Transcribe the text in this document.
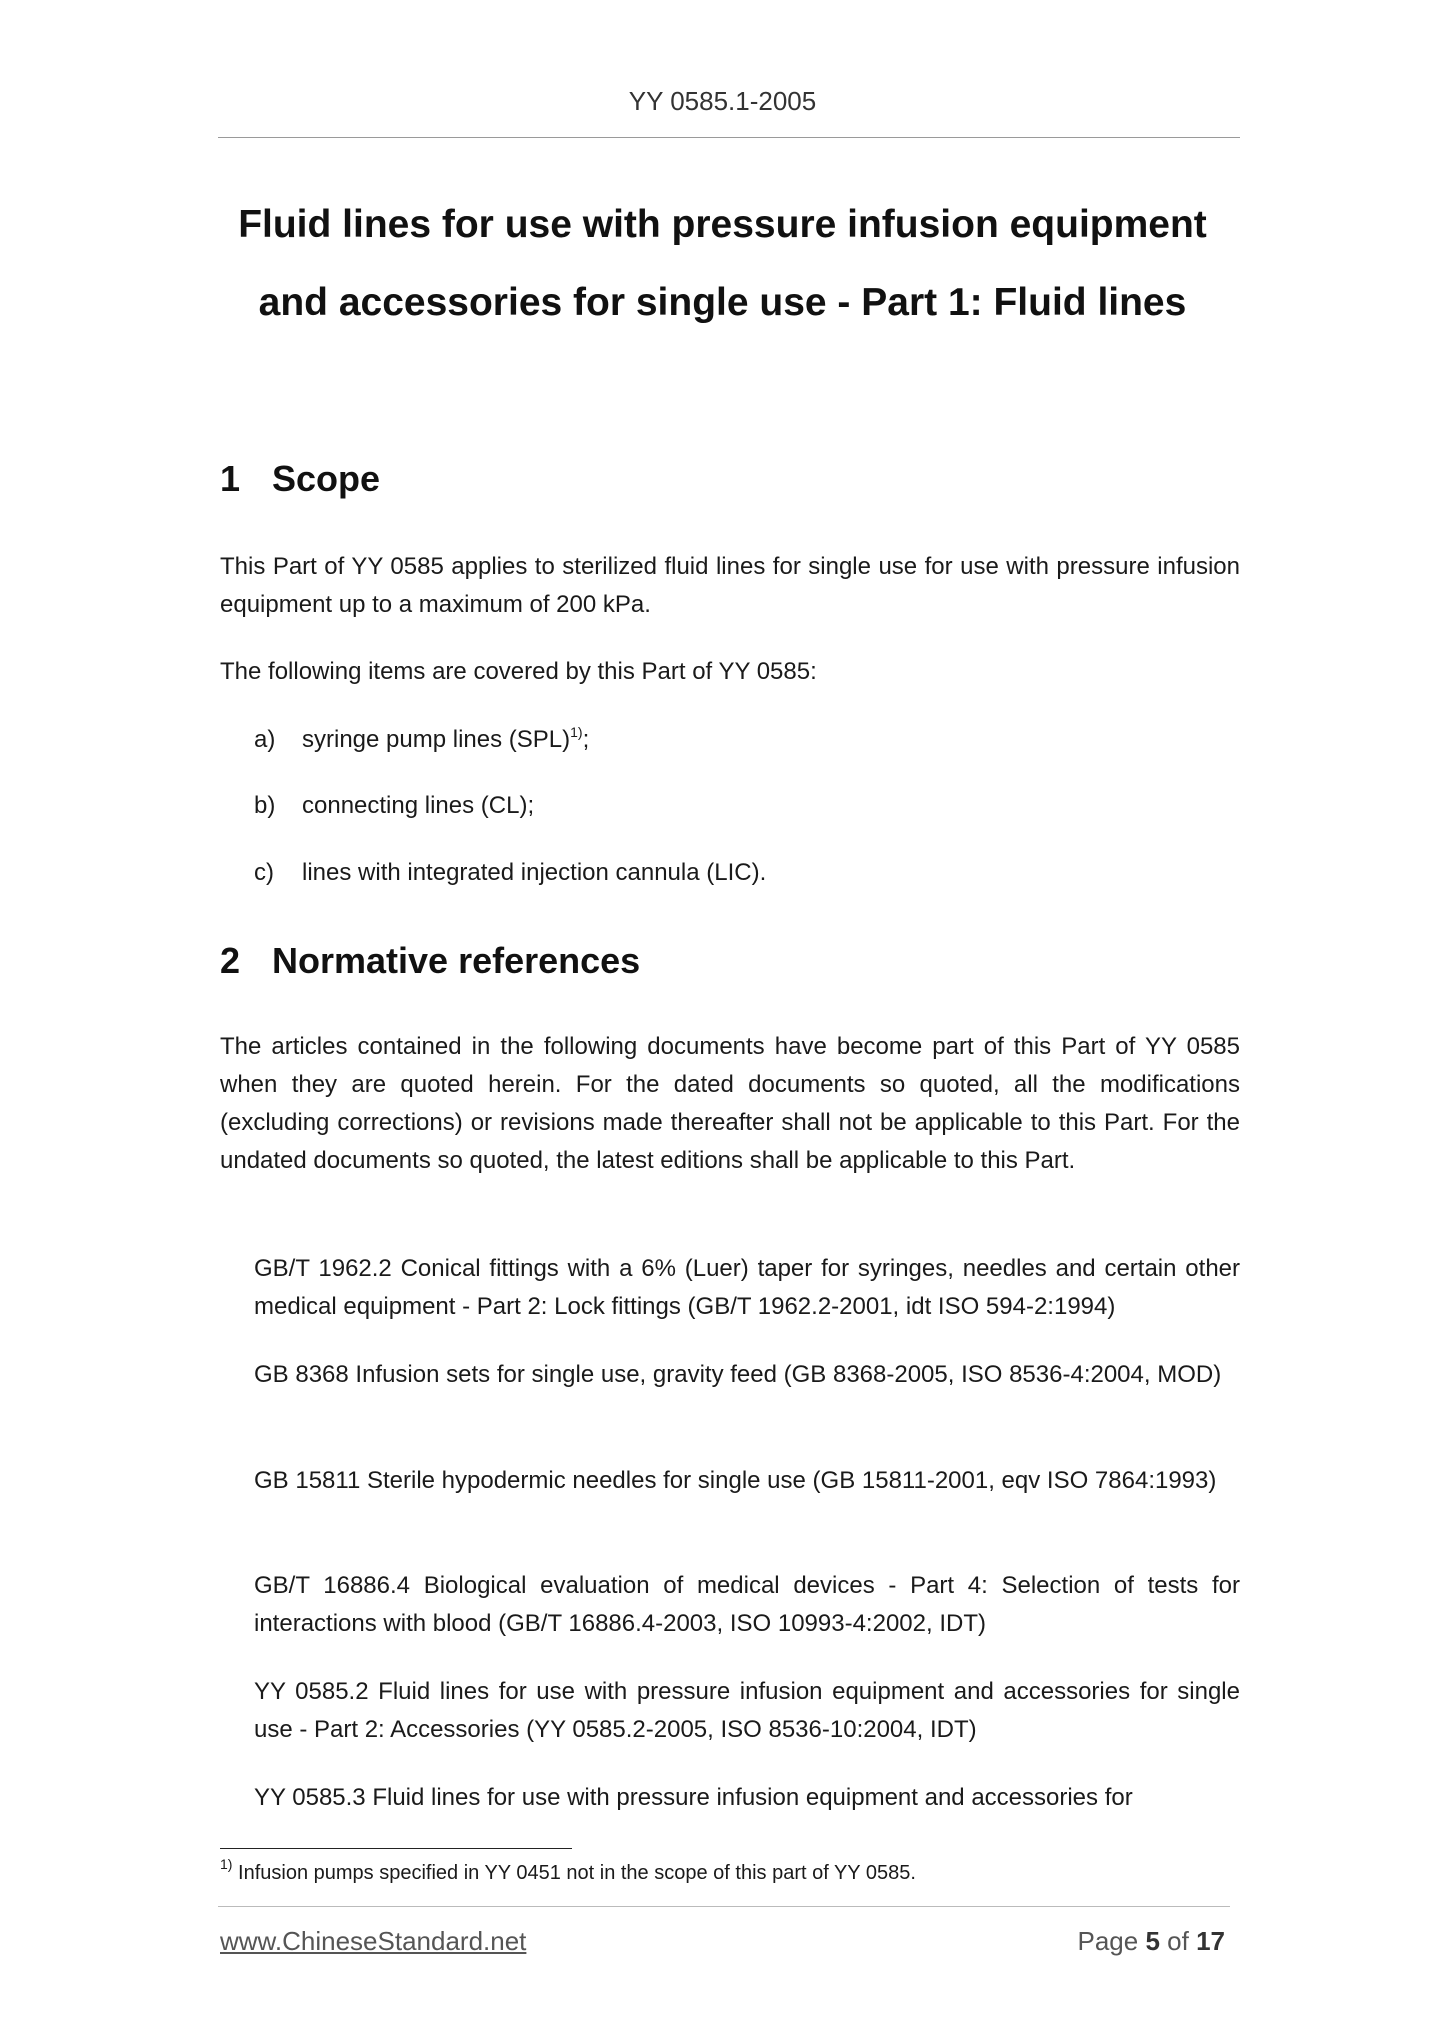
YY 0585.1-2005
Fluid lines for use with pressure infusion equipment
and accessories for single use - Part 1: Fluid lines
1 Scope
This Part of YY 0585 applies to sterilized fluid lines for single use for use with pressure infusion equipment up to a maximum of 200 kPa.
The following items are covered by this Part of YY 0585:
a) syringe pump lines (SPL)$^{1)}$;
b) connecting lines (CL);
c) lines with integrated injection cannula (LIC).
2 Normative references
The articles contained in the following documents have become part of this Part of YY 0585 when they are quoted herein. For the dated documents so quoted, all the modifications (excluding corrections) or revisions made thereafter shall not be applicable to this Part. For the undated documents so quoted, the latest editions shall be applicable to this Part.
GB/T 1962.2 Conical fittings with a 6% (Luer) taper for syringes, needles and certain other medical equipment - Part 2: Lock fittings (GB/T 1962.2-2001, idt ISO 594-2:1994)
GB 8368 Infusion sets for single use, gravity feed (GB 8368-2005, ISO 8536-4:2004, MOD)
GB 15811 Sterile hypodermic needles for single use (GB 15811-2001, eqv ISO 7864:1993)
GB/T 16886.4 Biological evaluation of medical devices - Part 4: Selection of tests for interactions with blood (GB/T 16886.4-2003, ISO 10993-4:2002, IDT)
YY 0585.2 Fluid lines for use with pressure infusion equipment and accessories for single use - Part 2: Accessories (YY 0585.2-2005, ISO 8536-10:2004, IDT)
YY 0585.3 Fluid lines for use with pressure infusion equipment and accessories for
$^{1)}$ Infusion pumps specified in YY 0451 not in the scope of this part of YY 0585.
www.ChineseStandard.net	Page 5 of 17
